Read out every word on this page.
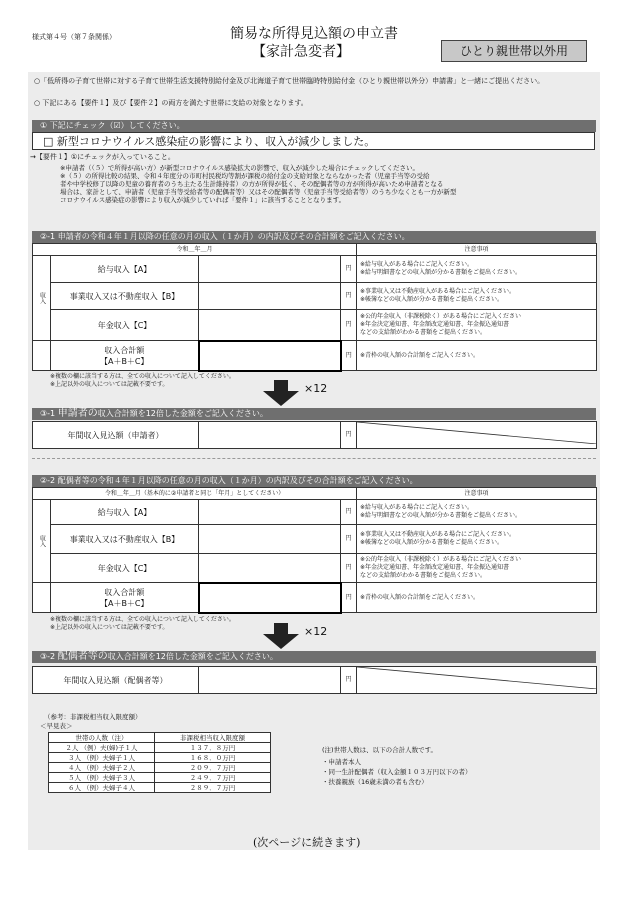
様式第４号（第７条関係）	簡易な所得見込額の申立書
【家計急変者】	ひとり親世帯以外用
○「低所得の子育て世帯に対する子育て世帯生活支援特別給付金及び北海道子育て世帯臨時特別給付金（ひとり親世帯以外分）申請書」と一緒にご提出ください。
○ 下記にある【要件１】及び【要件２】の両方を満たす世帯に支給の対象となります。
① 下記にチェック（☑）してください。
□ 新型コロナウイルス感染症の影響により、収入が減少しました。
→【要件１】①にチェックが入っていること。
※申請者（（５）で所得が高い方）が新型コロナウイルス感染拡大の影響で、収入が減少した場合にチェックしてください。
※（５）の所得比較の結果、令和４年度分の市町村民税均等割が課税の給付金の支給対象とならなかった者（児童手当等の受給
者や中学校修了以降の児童の養育者のうち主たる生計維持者）の方が所得が低く、その配偶者等の方が所得が高いため申請者となる
場合は、家計として、申請者（児童手当等受給者等の配偶者等）又はその配偶者等（児童手当等受給者等）のうち少なくとも一方が新型
コロナウイルス感染症の影響により収入が減少していれば「要件１」に該当することとなります。
②-1 申請者の令和４年１月以降の任意の月の収入（１か月）の内訳及びその合計額をご記入ください。
令和＿年＿月				注意事項
収入	給与収入【A】		円	※給与収入がある場合にご記入ください。
※給与明細書などの収入額が分かる書類をご提出ください。

	事業収入又は不動産収入【B】		円	※事業収入又は不動産収入がある場合にご記入ください。
※帳簿などの収入額が分かる書類をご提出ください。

	年金収入【C】		円	※公的年金収入（非課税除く）がある場合にご記入ください
※年金決定通知書、年金額改定通知書、年金振込通知書
などの支給額がわかる書類をご提出ください。

	収入合計額
【A＋B＋C】		円	※青枠の収入額の合計額をご記入ください。
※複数の欄に該当する方は、全ての収入について記入してください。
※上記以外の収入については記載不要です。	×12
③-1 申請者の収入合計額を12倍した金額をご記入ください。
年間収入見込額（申請者）		円	
②-2 配偶者等の令和４年１月以降の任意の月の収入（１か月）の内訳及びその合計額をご記入ください。
令和＿年＿月（基本的に②申請者と同じ「年月」としてください）				注意事項
収入	給与収入【A】		円	※給与収入がある場合にご記入ください。
※給与明細書などの収入額が分かる書類をご提出ください。

	事業収入又は不動産収入【B】		円	※事業収入又は不動産収入がある場合にご記入ください。
※帳簿などの収入額が分かる書類をご提出ください。

	年金収入【C】		円	※公的年金収入（非課税除く）がある場合にご記入ください
※年金決定通知書、年金額改定通知書、年金振込通知書
などの支給額がわかる書類をご提出ください。

	収入合計額
【A＋B＋C】		円	※青枠の収入額の合計額をご記入ください。
※複数の欄に該当する方は、全ての収入について記入してください。
※上記以外の収入については記載不要です。	×12
③-2 配偶者等の収入合計額を12倍した金額をご記入ください。
年間収入見込額（配偶者等）		円	
（参考：非課税相当収入限度額）
＜早見表＞
世帯の人数（注）	非課税相当収入限度額
２人 （例）夫(婦)子１人	１３７．８万円
３人 （例）夫婦子１人	１６８．０万円
４人 （例）夫婦子２人	２０９．７万円
５人 （例）夫婦子３人	２４９．７万円
６人 （例）夫婦子４人	２８９．７万円
(注)世帯人数は、以下の合計人数です。
・申請者本人
・同一生計配偶者（収入金額１０３万円以下の者）
・扶養親族（16歳未満の者も含む）
(次ページに続きます)
